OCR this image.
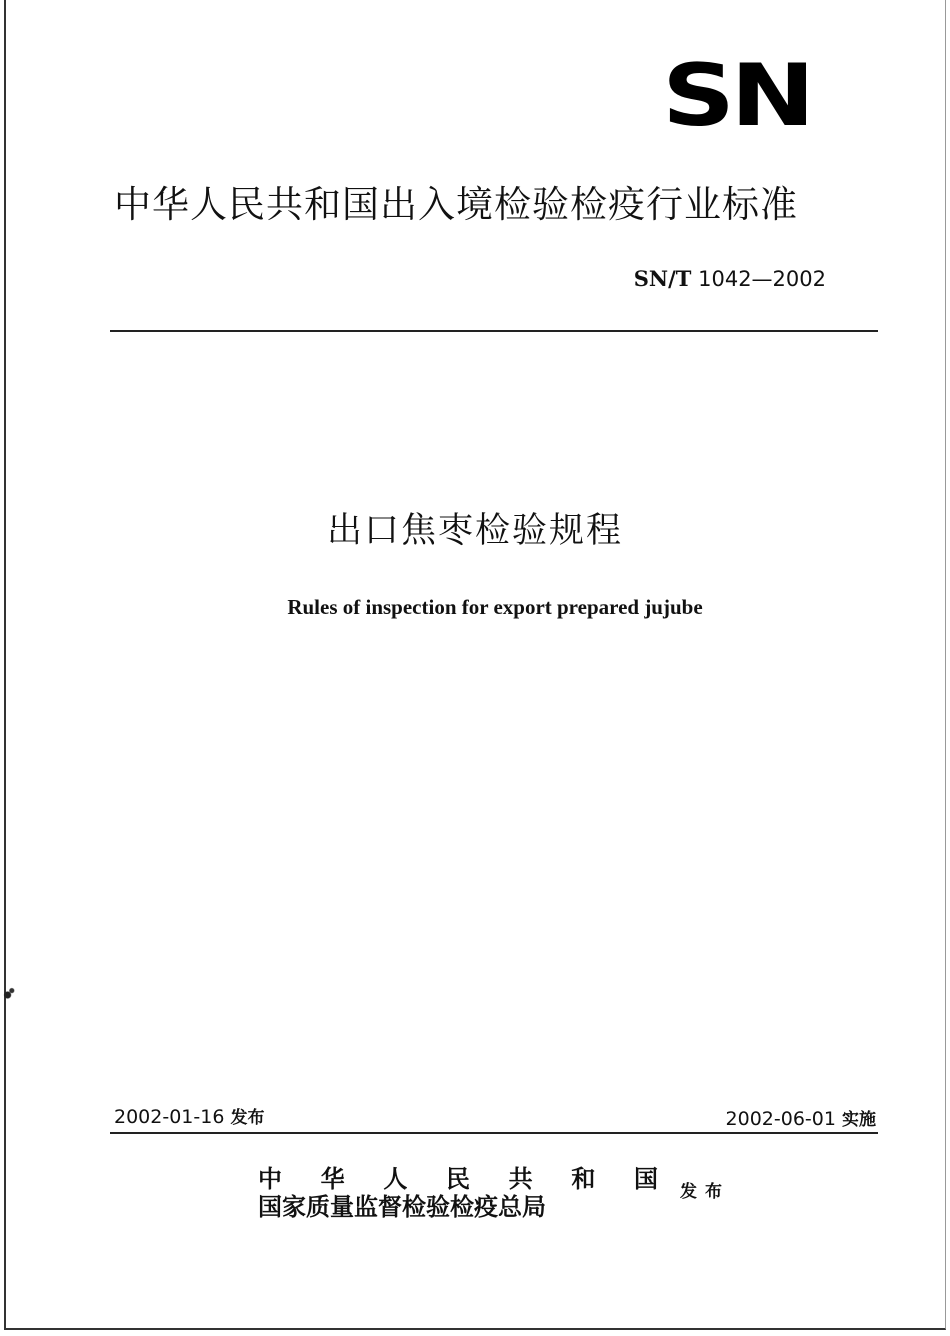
SN
中华人民共和国出入境检验检疫行业标准
SN/T 1042—2002
出口焦枣检验规程
Rules of inspection for export prepared jujube
2002-01-16 发布	2002-06-01 实施
中 华 人 民 共 和 国
国家质量监督检验检疫总局	发布
